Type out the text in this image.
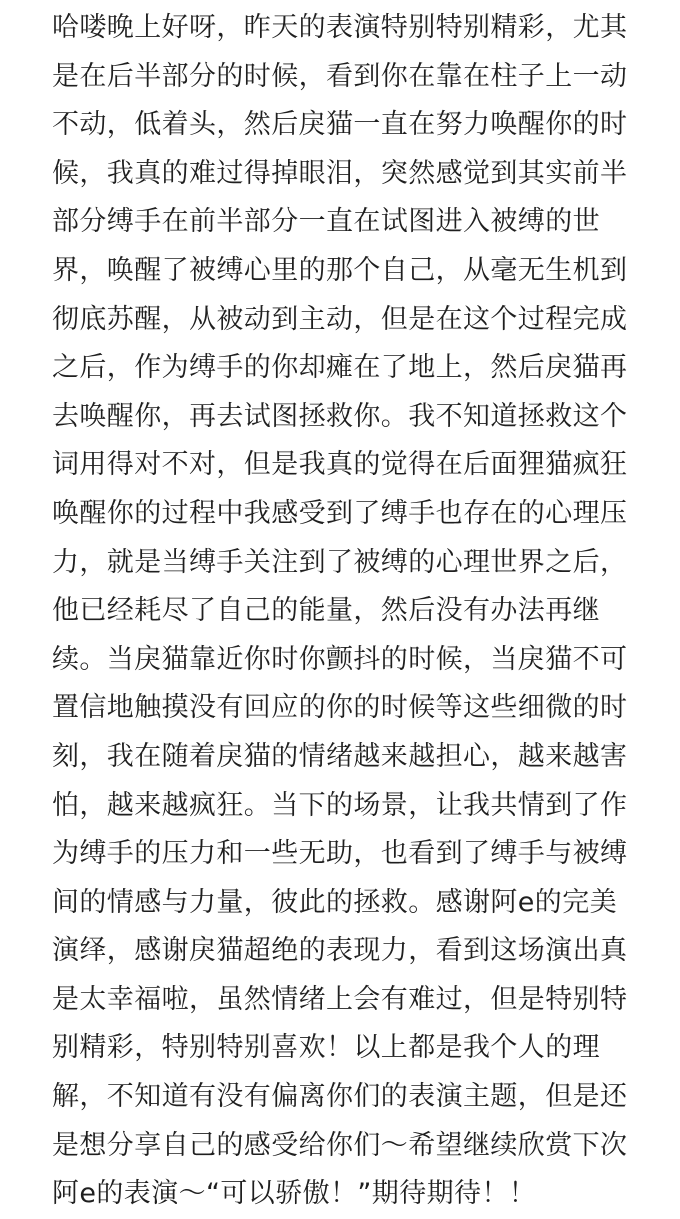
哈喽晚上好呀，昨天的表演特别特别精彩，尤其
是在后半部分的时候，看到你在靠在柱子上一动
不动，低着头，然后戾猫一直在努力唤醒你的时
候，我真的难过得掉眼泪，突然感觉到其实前半
部分缚手在前半部分一直在试图进入被缚的世
界，唤醒了被缚心里的那个自己，从毫无生机到
彻底苏醒，从被动到主动，但是在这个过程完成
之后，作为缚手的你却瘫在了地上，然后戾猫再
去唤醒你，再去试图拯救你。我不知道拯救这个
词用得对不对，但是我真的觉得在后面狸猫疯狂
唤醒你的过程中我感受到了缚手也存在的心理压
力，就是当缚手关注到了被缚的心理世界之后，
他已经耗尽了自己的能量，然后没有办法再继
续。当戾猫靠近你时你颤抖的时候，当戾猫不可
置信地触摸没有回应的你的时候等这些细微的时
刻，我在随着戾猫的情绪越来越担心，越来越害
怕，越来越疯狂。当下的场景，让我共情到了作
为缚手的压力和一些无助，也看到了缚手与被缚
间的情感与力量，彼此的拯救。感谢阿e的完美
演绎，感谢戾猫超绝的表现力，看到这场演出真
是太幸福啦，虽然情绪上会有难过，但是特别特
别精彩，特别特别喜欢！以上都是我个人的理
解，不知道有没有偏离你们的表演主题，但是还
是想分享自己的感受给你们～希望继续欣赏下次
阿e的表演～“可以骄傲！”期待期待！！
